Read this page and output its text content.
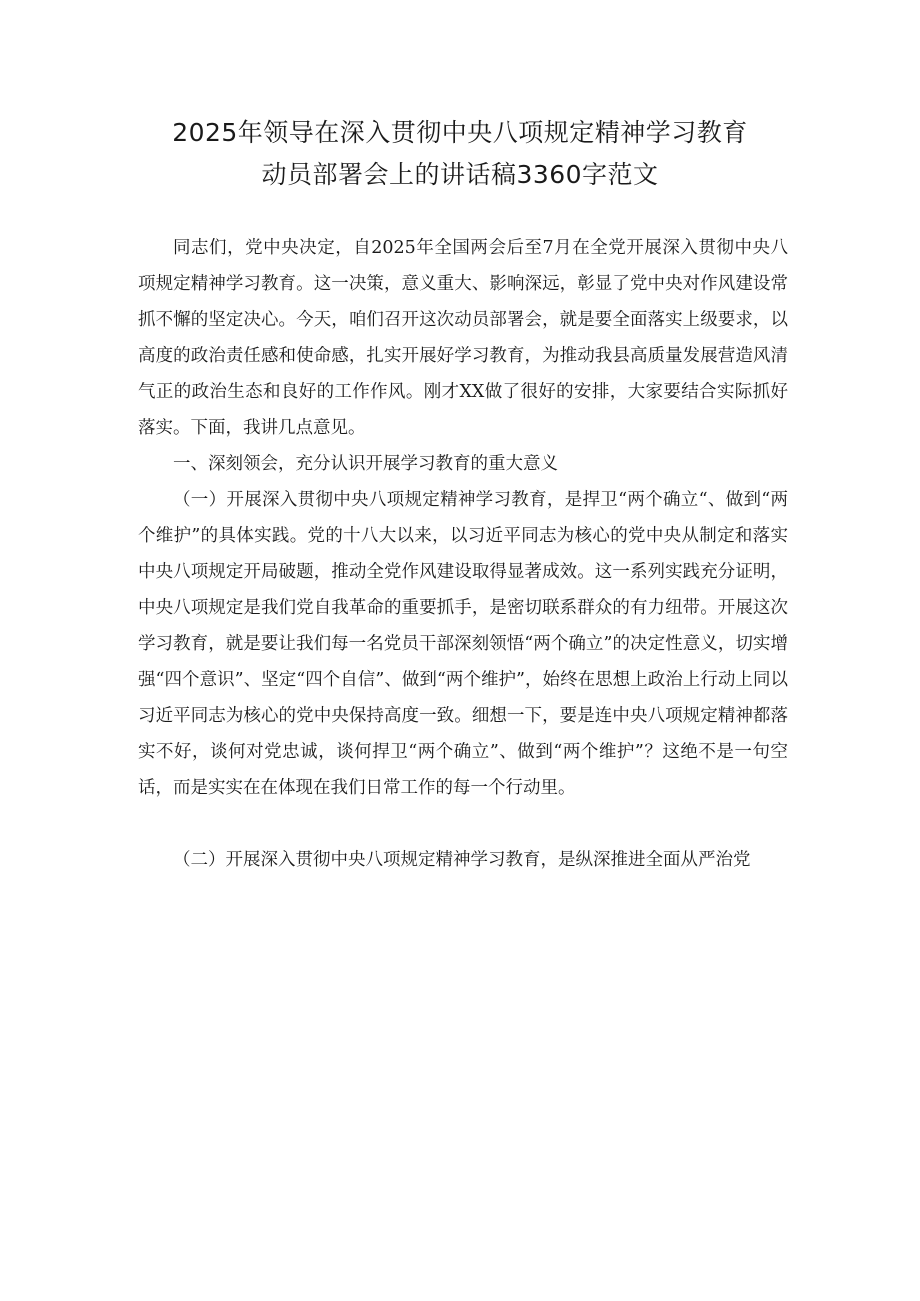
2025年领导在深入贯彻中央八项规定精神学习教育
动员部署会上的讲话稿3360字范文

同志们，党中央决定，自2025年全国两会后至7月在全党开展深入贯彻中央八项规定精神学习教育。这一决策，意义重大、影响深远，彰显了党中央对作风建设常抓不懈的坚定决心。今天，咱们召开这次动员部署会，就是要全面落实上级要求，以高度的政治责任感和使命感，扎实开展好学习教育，为推动我县高质量发展营造风清气正的政治生态和良好的工作作风。刚才XX做了很好的安排，大家要结合实际抓好落实。下面，我讲几点意见。

一、深刻领会，充分认识开展学习教育的重大意义

（一）开展深入贯彻中央八项规定精神学习教育，是捍卫“两个确立“、做到“两个维护”的具体实践。党的十八大以来，以习近平同志为核心的党中央从制定和落实中央八项规定开局破题，推动全党作风建设取得显著成效。这一系列实践充分证明，中央八项规定是我们党自我革命的重要抓手，是密切联系群众的有力纽带。开展这次学习教育，就是要让我们每一名党员干部深刻领悟“两个确立”的决定性意义，切实增强“四个意识”、坚定“四个自信”、做到“两个维护”，始终在思想上政治上行动上同以习近平同志为核心的党中央保持高度一致。细想一下，要是连中央八项规定精神都落实不好，谈何对党忠诚，谈何捍卫“两个确立”、做到“两个维护”？这绝不是一句空话，而是实实在在体现在我们日常工作的每一个行动里。

（二）开展深入贯彻中央八项规定精神学习教育，是纵深推进全面从严治党
